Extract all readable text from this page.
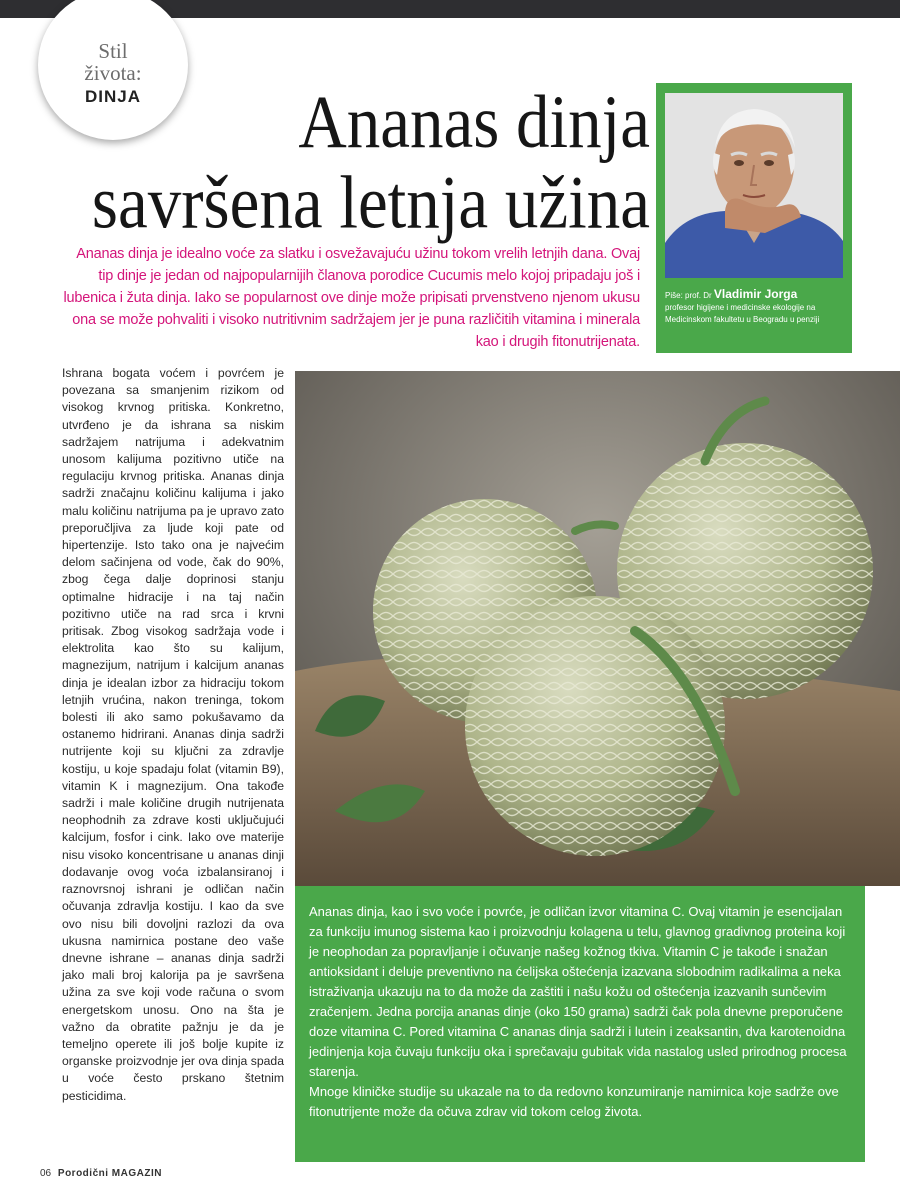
Stil
života:
DINJA	Ananas dinja
savršena letnja užina

Ananas dinja je idealno voće za slatku i osvežavajuću užinu tokom vrelih letnjih dana. Ovaj tip dinje je jedan od najpopularnijih članova porodice Cucumis melo kojoj pripadaju još i lubenica i žuta dinja. Iako se popularnost ove dinje može pripisati prvenstveno njenom ukusu ona se može pohvaliti i visoko nutritivnim sadržajem jer je puna različitih vitamina i minerala kao i drugih fitonutrijenata.

Piše: prof. Dr Vladimir Jorga
profesor higijene i medicinske ekologije na Medicinskom fakultetu u Beogradu u penziji

Ishrana bogata voćem i povrćem je povezana sa smanjenim rizikom od visokog krvnog pritiska. Konkretno, utvrđeno je da ishrana sa niskim sadržajem natrijuma i adekvatnim unosom kalijuma pozitivno utiče na regulaciju krvnog pritiska. Ananas dinja sadrži značajnu količinu kalijuma i jako malu količinu natrijuma pa je upravo zato preporučljiva za ljude koji pate od hipertenzije. Isto tako ona je najvećim delom sačinjena od vode, čak do 90%, zbog čega dalje doprinosi stanju optimalne hidracije i na taj način pozitivno utiče na rad srca i krvni pritisak. Zbog visokog sadržaja vode i elektrolita kao što su kalijum, magnezijum, natrijum i kalcijum ananas dinja je idealan izbor za hidraciju tokom letnjih vrućina, nakon treninga, tokom bolesti ili ako samo pokušavamo da ostanemo hidrirani. Ananas dinja sadrži nutrijente koji su ključni za zdravlje kostiju, u koje spadaju folat (vitamin B9), vitamin K i magnezijum. Ona takođe sadrži i male količine drugih nutrijenata neophodnih za zdrave kosti uključujući kalcijum, fosfor i cink. Iako ove materije nisu visoko koncentrisane u ananas dinji dodavanje ovog voća izbalansiranoj i raznovrsnoj ishrani je odličan način očuvanja zdravlja kostiju. I kao da sve ovo nisu bili dovoljni razlozi da ova ukusna namirnica postane deo vaše dnevne ishrane – ananas dinja sadrži jako mali broj kalorija pa je savršena užina za sve koji vode računa o svom energetskom unosu. Ono na šta je važno da obratite pažnju je da je temeljno operete ili još bolje kupite iz organske proizvodnje jer ova dinja spada u voće često prskano štetnim pesticidima.

Ananas dinja, kao i svo voće i povrće, je odličan izvor vitamina C. Ovaj vitamin je esencijalan za funkciju imunog sistema kao i proizvodnju kolagena u telu, glavnog gradivnog proteina koji je neophodan za popravljanje i očuvanje našeg kožnog tkiva. Vitamin C je takođe i snažan antioksidant i deluje preventivno na ćelijska oštećenja izazvana slobodnim radikalima a neka istraživanja ukazuju na to da može da zaštiti i našu kožu od oštećenja izazvanih sunčevim zračenjem. Jedna porcija ananas dinje (oko 150 grama) sadrži čak pola dnevne preporučene doze vitamina C. Pored vitamina C ananas dinja sadrži i lutein i zeaksantin, dva karotenoidna jedinjenja koja čuvaju funkciju oka i sprečavaju gubitak vida nastalog usled prirodnog procesa starenja.

Mnoge kliničke studije su ukazale na to da redovno konzumiranje namirnica koje sadrže ove fitonutrijente može da očuva zdrav vid tokom celog života.

06 Porodični MAGAZIN
